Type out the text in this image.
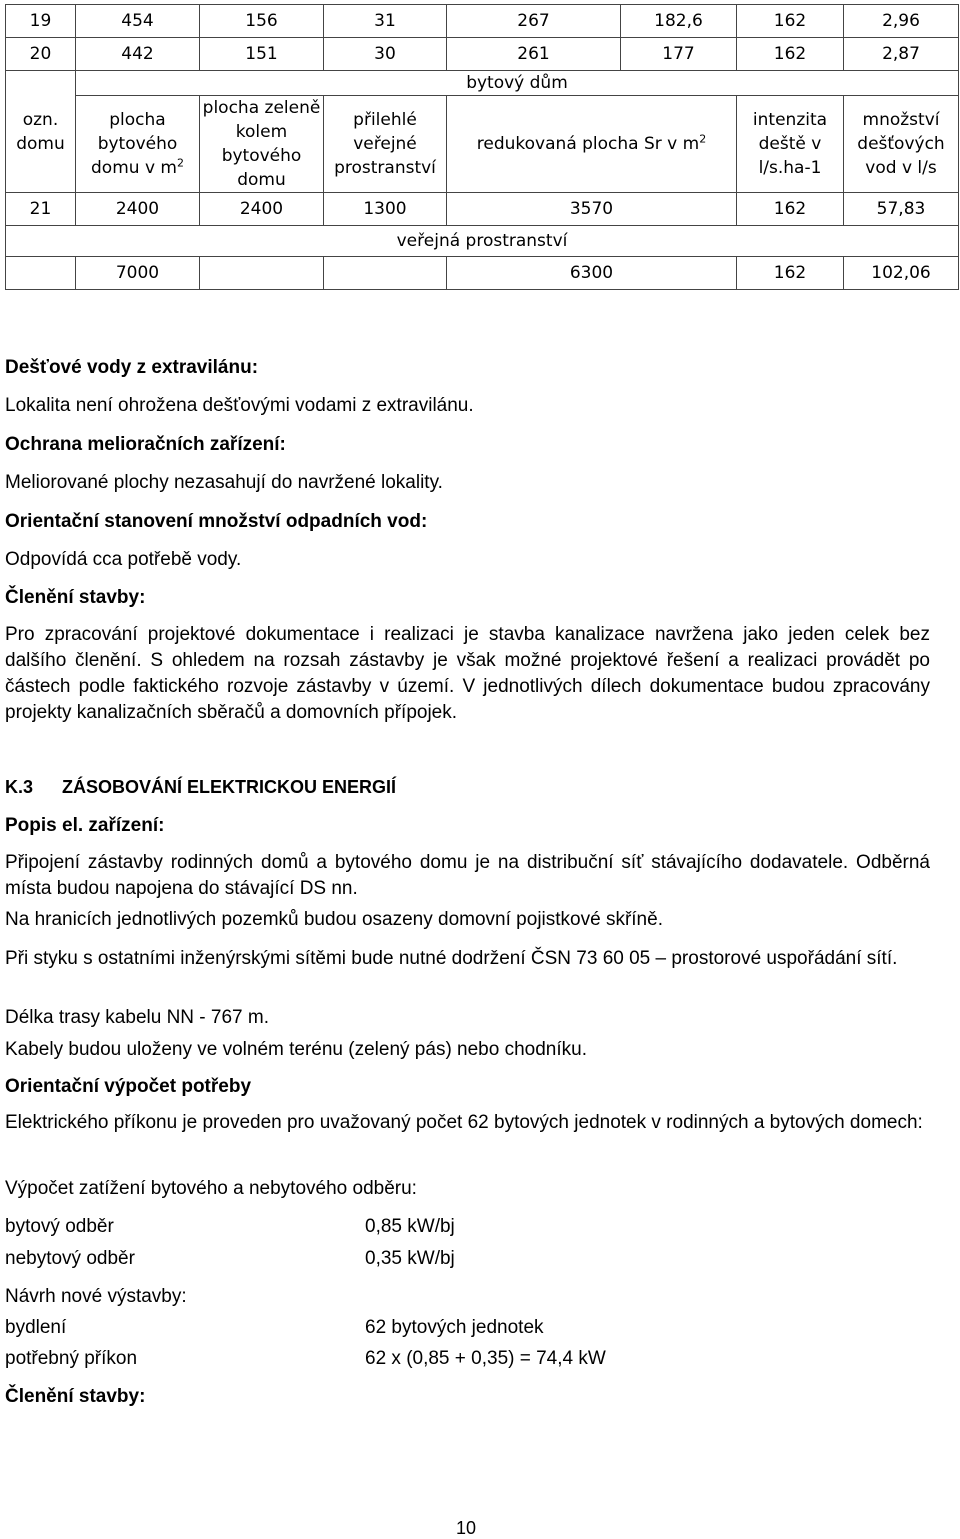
19	454	156	31	267	182,6	162	2,96
20	442	151	30	261	177	162	2,87
ozn. domu	bytový dům						
	plocha bytového domu v $m^2$	plocha zeleně kolem bytového domu	přilehlé veřejné prostranství	redukovaná plocha Sr v $m^2$		intenzita deště v l/s.ha-1	množství dešťových vod v l/s
21	2400	2400	1300	3570		162	57,83
veřejná prostranství							
	7000			6300		162	102,06

Dešťové vody z extravilánu:

Lokalita není ohrožena dešťovými vodami z extravilánu.

Ochrana melioračních zařízení:

Meliorované plochy nezasahují do navržené lokality.

Orientační stanovení množství odpadních vod:

Odpovídá cca potřebě vody.

Členění stavby:

Pro zpracování projektové dokumentace i realizaci je stavba kanalizace navržena jako jeden celek bez dalšího členění. S ohledem na rozsah zástavby je však možné projektové řešení a realizaci provádět po částech podle faktického rozvoje zástavby v území. V jednotlivých dílech dokumentace budou zpracovány projekty kanalizačních sběračů a domovních přípojek.

K.3 ZÁSOBOVÁNÍ ELEKTRICKOU ENERGIÍ

Popis el. zařízení:

Připojení zástavby rodinných domů a bytového domu je na distribuční síť stávajícího dodavatele. Odběrná místa budou napojena do stávající DS nn.

Na hranicích jednotlivých pozemků budou osazeny domovní pojistkové skříně.

Při styku s ostatními inženýrskými sítěmi bude nutné dodržení ČSN 73 60 05 – prostorové uspořádání sítí.

Délka trasy kabelu NN - 767 m.

Kabely budou uloženy ve volném terénu (zelený pás) nebo chodníku.

Orientační výpočet potřeby

Elektrického příkonu je proveden pro uvažovaný počet 62 bytových jednotek v rodinných a bytových domech:

Výpočet zatížení bytového a nebytového odběru:

bytový odběr	0,85 kW/bj

nebytový odběr	0,35 kW/bj

Návrh nové výstavby:

bydlení	62 bytových jednotek

potřebný příkon	62 x (0,85 + 0,35) = 74,4 kW

Členění stavby:

10
